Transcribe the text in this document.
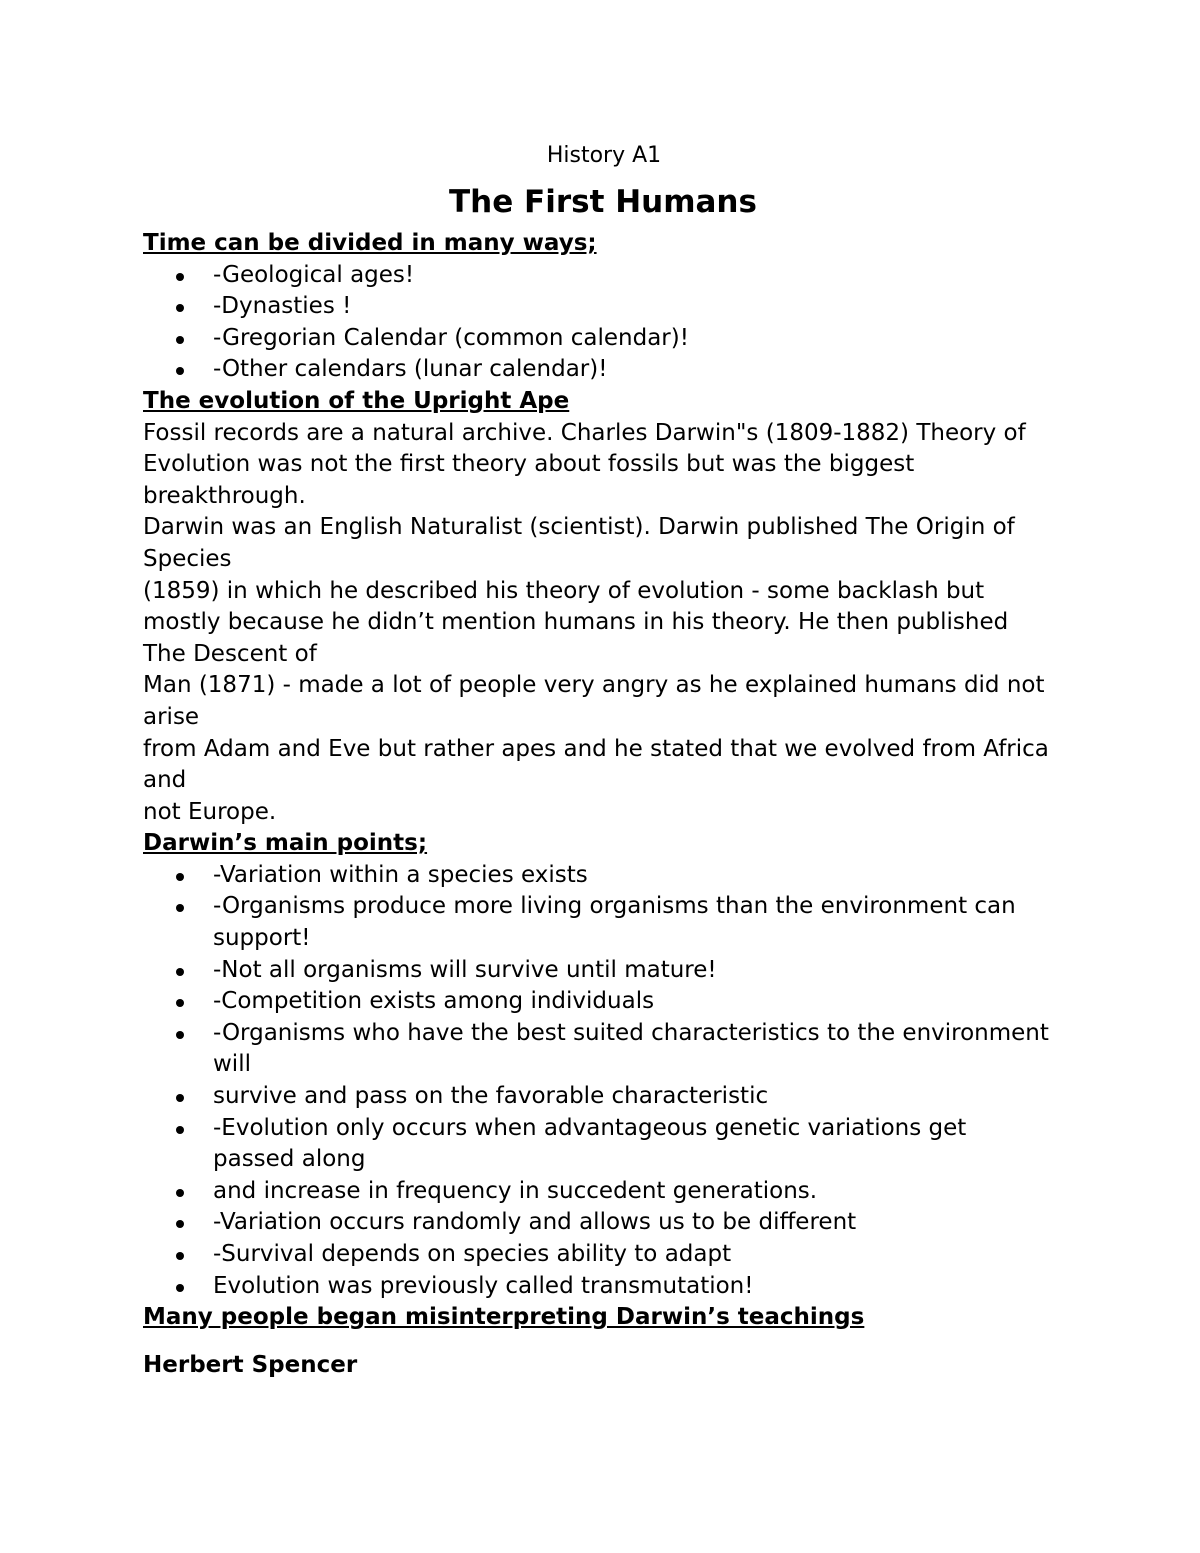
History A1
The First Humans
Time can be divided in many ways;
-Geological ages!
-Dynasties !
-Gregorian Calendar (common calendar)!
-Other calendars (lunar calendar)!
The evolution of the Upright Ape
Fossil records are a natural archive. Charles Darwin"s (1809-1882) Theory of Evolution was not the first theory about fossils but was the biggest breakthrough.
Darwin was an English Naturalist (scientist). Darwin published The Origin of Species
(1859) in which he described his theory of evolution - some backlash but mostly because he didn’t mention humans in his theory. He then published The Descent of
Man (1871) - made a lot of people very angry as he explained humans did not arise
from Adam and Eve but rather apes and he stated that we evolved from Africa and
not Europe.
Darwin’s main points;
-Variation within a species exists
-Organisms produce more living organisms than the environment can support!
-Not all organisms will survive until mature!
-Competition exists among individuals
-Organisms who have the best suited characteristics to the environment will
survive and pass on the favorable characteristic
-Evolution only occurs when advantageous genetic variations get passed along
and increase in frequency in succedent generations.
-Variation occurs randomly and allows us to be different
-Survival depends on species ability to adapt
Evolution was previously called transmutation!
Many people began misinterpreting Darwin’s teachings
Herbert Spencer
